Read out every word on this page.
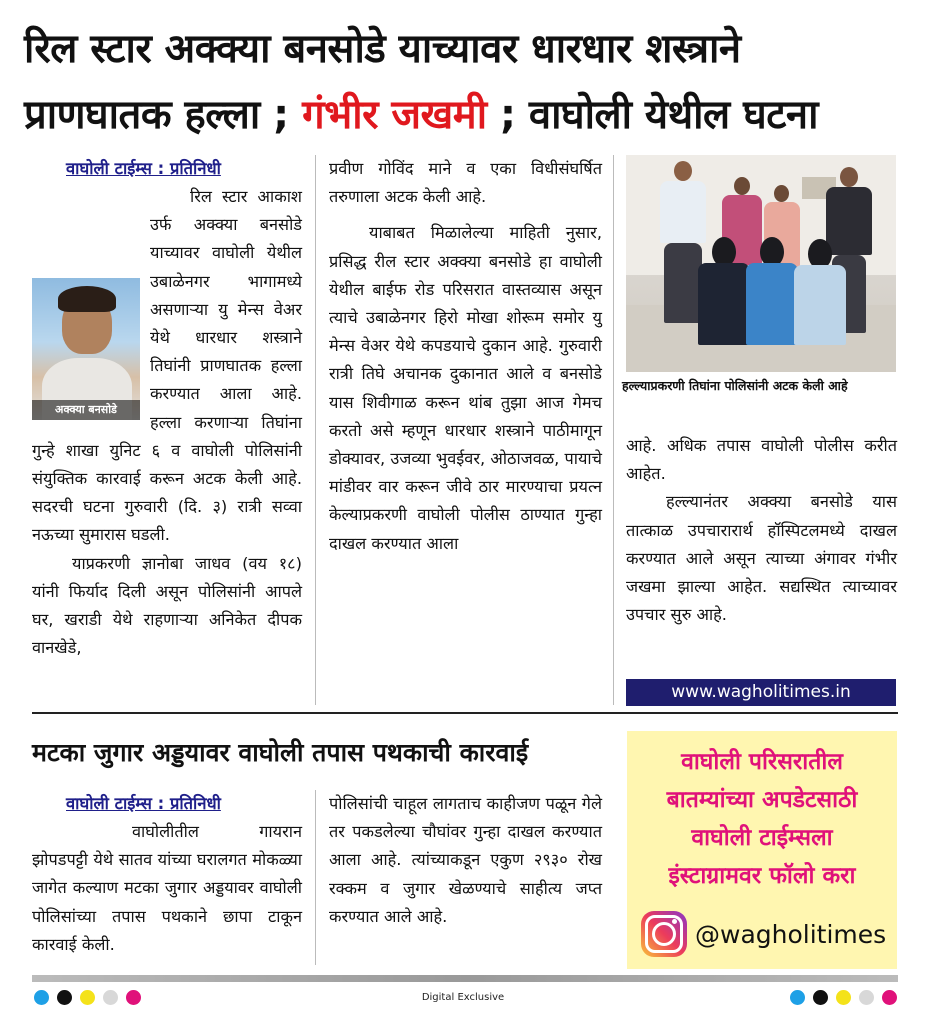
रिल स्टार अक्क्या बनसोडे याच्यावर धारधार शस्त्राने
प्राणघातक हल्ला ; गंभीर जखमी ; वाघोली येथील घटना
वाघोली टाईम्स : प्रतिनिधी

रिल स्टार आकाश उर्फ अक्क्या बनसोडे याच्यावर वाघोली येथील उबाळेनगर भागामध्ये असणाऱ्या यु मेन्स वेअर येथे धारधार शस्त्राने तिघांनी प्राणघातक हल्ला करण्यात आला आहे. हल्ला करणाऱ्या तिघांना गुन्हे शाखा युनिट ६ व वाघोली पोलिसांनी संयुक्तिक कारवाई करून अटक केली आहे. सदरची घटना गुरुवारी (दि. ३) रात्री सव्वा नऊच्या सुमारास घडली.

याप्रकरणी ज्ञानोबा जाधव (वय १८) यांनी फिर्याद दिली असून पोलिसांनी आपले घर, खराडी येथे राहणाऱ्या अनिकेत दीपक वानखेडे,

अक्क्या बनसोडे

प्रवीण गोविंद माने व एका विधीसंघर्षित तरुणाला अटक केली आहे.

याबाबत मिळालेल्या माहिती नुसार, प्रसिद्ध रील स्टार अक्क्या बनसोडे हा वाघोली येथील बाईफ रोड परिसरात वास्तव्यास असून त्याचे उबाळेनगर हिरो मोखा शोरूम समोर यु मेन्स वेअर येथे कपडयाचे दुकान आहे. गुरुवारी रात्री तिघे अचानक दुकानात आले व बनसोडे यास शिवीगाळ करून थांब तुझा आज गेमच करतो असे म्हणून धारधार शस्त्राने पाठीमागून डोक्यावर, उजव्या भुवईवर, ओठाजवळ, पायाचे मांडीवर वार करून जीवे ठार मारण्याचा प्रयत्न केल्याप्रकरणी वाघोली पोलीस ठाण्यात गुन्हा दाखल करण्यात आला

हल्ल्याप्रकरणी तिघांना पोलिसांनी अटक केली आहे

आहे. अधिक तपास वाघोली पोलीस करीत आहेत.

हल्ल्यानंतर अक्क्या बनसोडे यास तात्काळ उपचारारार्थ हॉस्पिटलमध्ये दाखल करण्यात आले असून त्याच्या अंगावर गंभीर जखमा झाल्या आहेत. सद्यस्थित त्याच्यावर उपचार सुरु आहे.

www.wagholitimes.in
मटका जुगार अड्डयावर वाघोली तपास पथकाची कारवाई
वाघोली टाईम्स : प्रतिनिधी

वाघोलीतील गायरान झोपडपट्टी येथे सातव यांच्या घरालगत मोकळ्या जागेत कल्याण मटका जुगार अड्डयावर वाघोली पोलिसांच्या तपास पथकाने छापा टाकून कारवाई केली.

पोलिसांची चाहूल लागताच काहीजण पळून गेले तर पकडलेल्या चौघांवर गुन्हा दाखल करण्यात आला आहे. त्यांच्याकडून एकुण २९३० रोख रक्कम व जुगार खेळण्याचे साहीत्य जप्त करण्यात आले आहे.

वाघोली परिसरातील
बातम्यांच्या अपडेटसाठी
वाघोली टाईम्सला
इंस्टाग्रामवर फॉलो करा
@wagholitimes
Digital Exclusive
